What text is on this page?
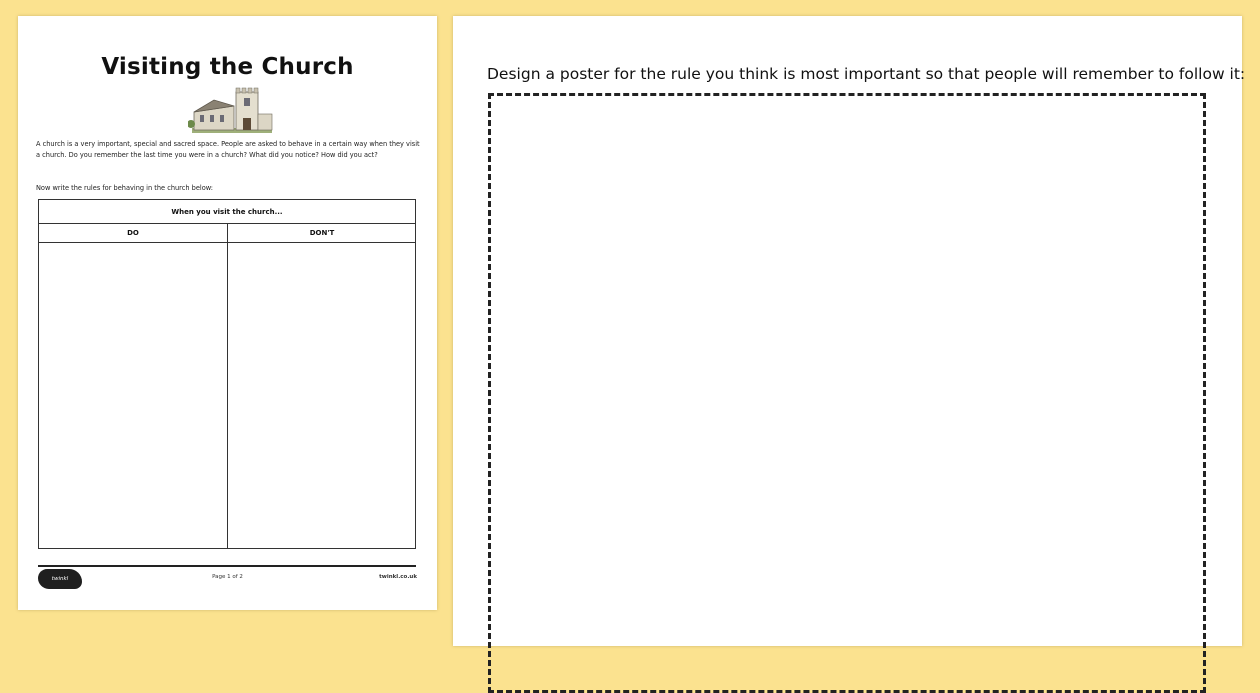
Visiting the Church
A church is a very important, special and sacred space. People are asked to behave in a certain way when they visit a church. Do you remember the last time you were in a church? What did you notice? How did you act?
Now write the rules for behaving in the church below:
When you visit the church...
DO	DON'T
twinkl	Page 1 of 2	twinkl.co.uk
Design a poster for the rule you think is most important so that people will remember to follow it:
